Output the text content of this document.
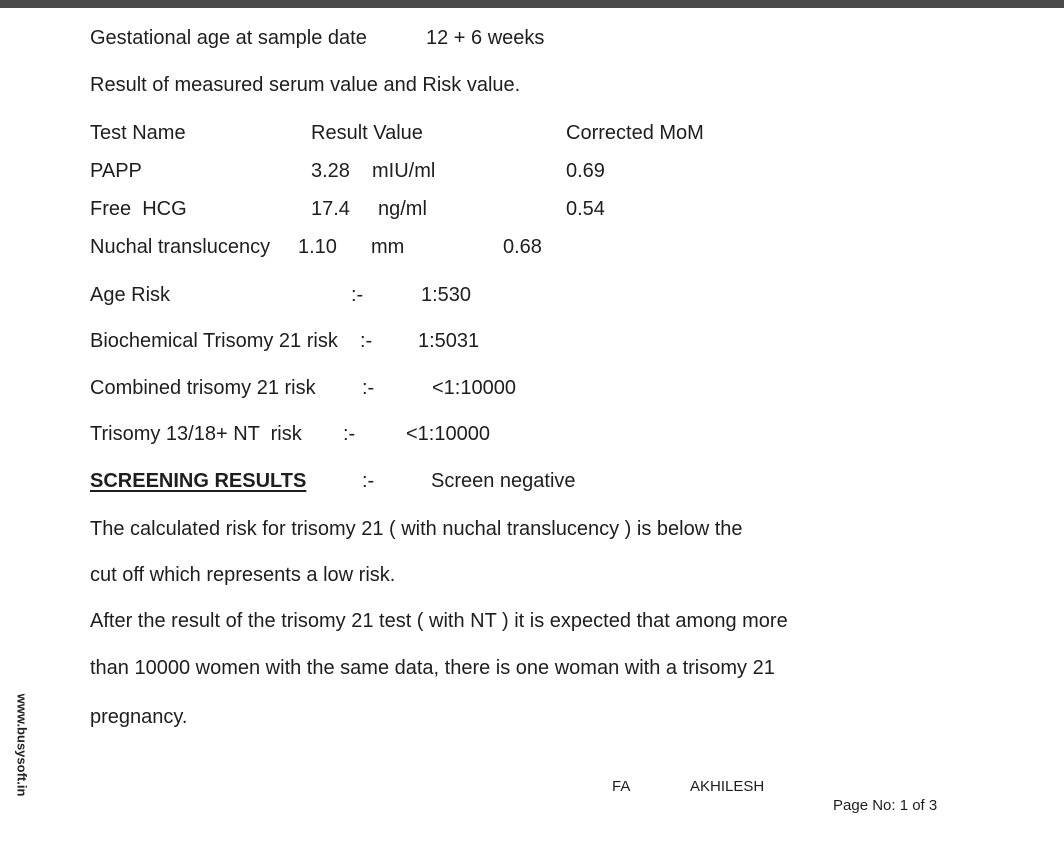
Gestational age at sample date	12 + 6 weeks
Result of measured serum value and Risk value.
Test Name	Result Value	Corrected MoM
PAPP	3.28 mIU/ml	0.69
Free  HCG	17.4 ng/ml	0.54
Nuchal translucency 1.10 mm	0.68
Age Risk	:-	1:530
Biochemical Trisomy 21 risk :- 1:5031
Combined trisomy 21 risk :-	<1:10000
Trisomy 13/18+ NT  risk :-	<1:10000
SCREENING RESULTS	:-	Screen negative
The calculated risk for trisomy 21 ( with nuchal translucency ) is below the
cut off which represents a low risk.
After the result of the trisomy 21 test ( with NT ) it is expected that among more
than 10000 women with the same data, there is one woman with a trisomy 21
pregnancy.
FA	AKHILESH
Page No: 1 of 3
www.busysoft.in
